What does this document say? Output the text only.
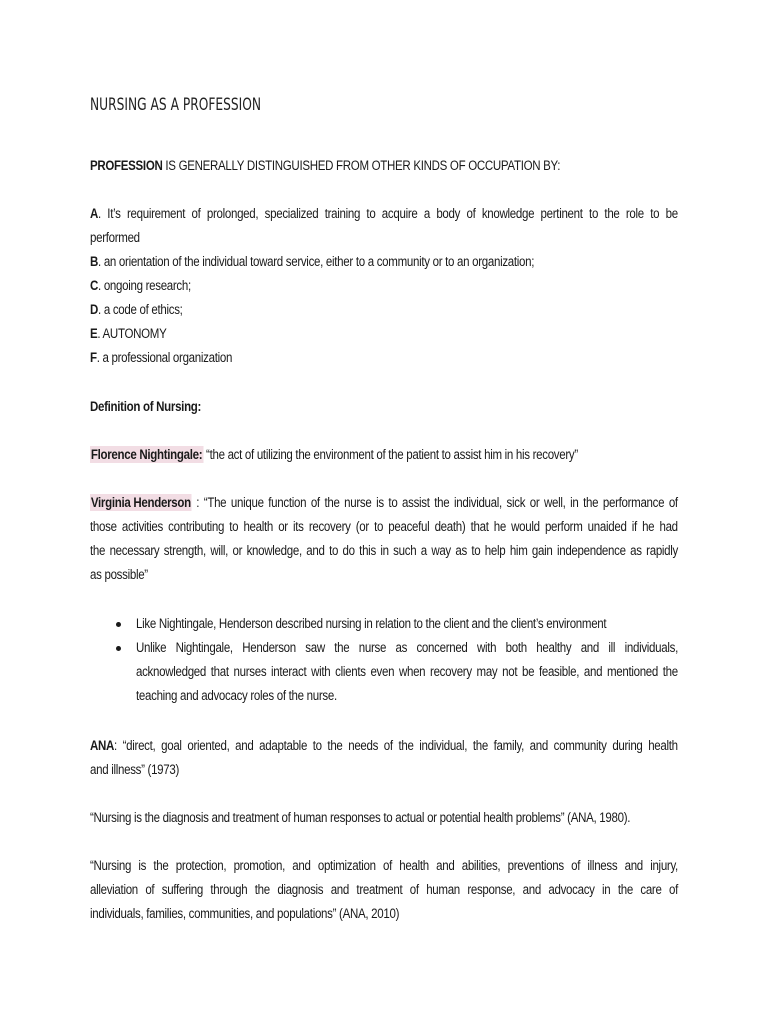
NURSING AS A PROFESSION
PROFESSION IS GENERALLY DISTINGUISHED FROM OTHER KINDS OF OCCUPATION BY:
A. It’s requirement of prolonged, specialized training to acquire a body of knowledge pertinent to the role to be
performed
B. an orientation of the individual toward service, either to a community or to an organization;
C. ongoing research;
D. a code of ethics;
E. AUTONOMY
F. a professional organization
Definition of Nursing:
Florence Nightingale: “the act of utilizing the environment of the patient to assist him in his recovery”
Virginia Henderson : “The unique function of the nurse is to assist the individual, sick or well, in the performance of
those activities contributing to health or its recovery (or to peaceful death) that he would perform unaided if he had
the necessary strength, will, or knowledge, and to do this in such a way as to help him gain independence as rapidly
as possible”
Like Nightingale, Henderson described nursing in relation to the client and the client’s environment
Unlike Nightingale, Henderson saw the nurse as concerned with both healthy and ill individuals,
acknowledged that nurses interact with clients even when recovery may not be feasible, and mentioned the
teaching and advocacy roles of the nurse.
ANA: “direct, goal oriented, and adaptable to the needs of the individual, the family, and community during health
and illness” (1973)
“Nursing is the diagnosis and treatment of human responses to actual or potential health problems” (ANA, 1980).
“Nursing is the protection, promotion, and optimization of health and abilities, preventions of illness and injury,
alleviation of suffering through the diagnosis and treatment of human response, and advocacy in the care of
individuals, families, communities, and populations” (ANA, 2010)
